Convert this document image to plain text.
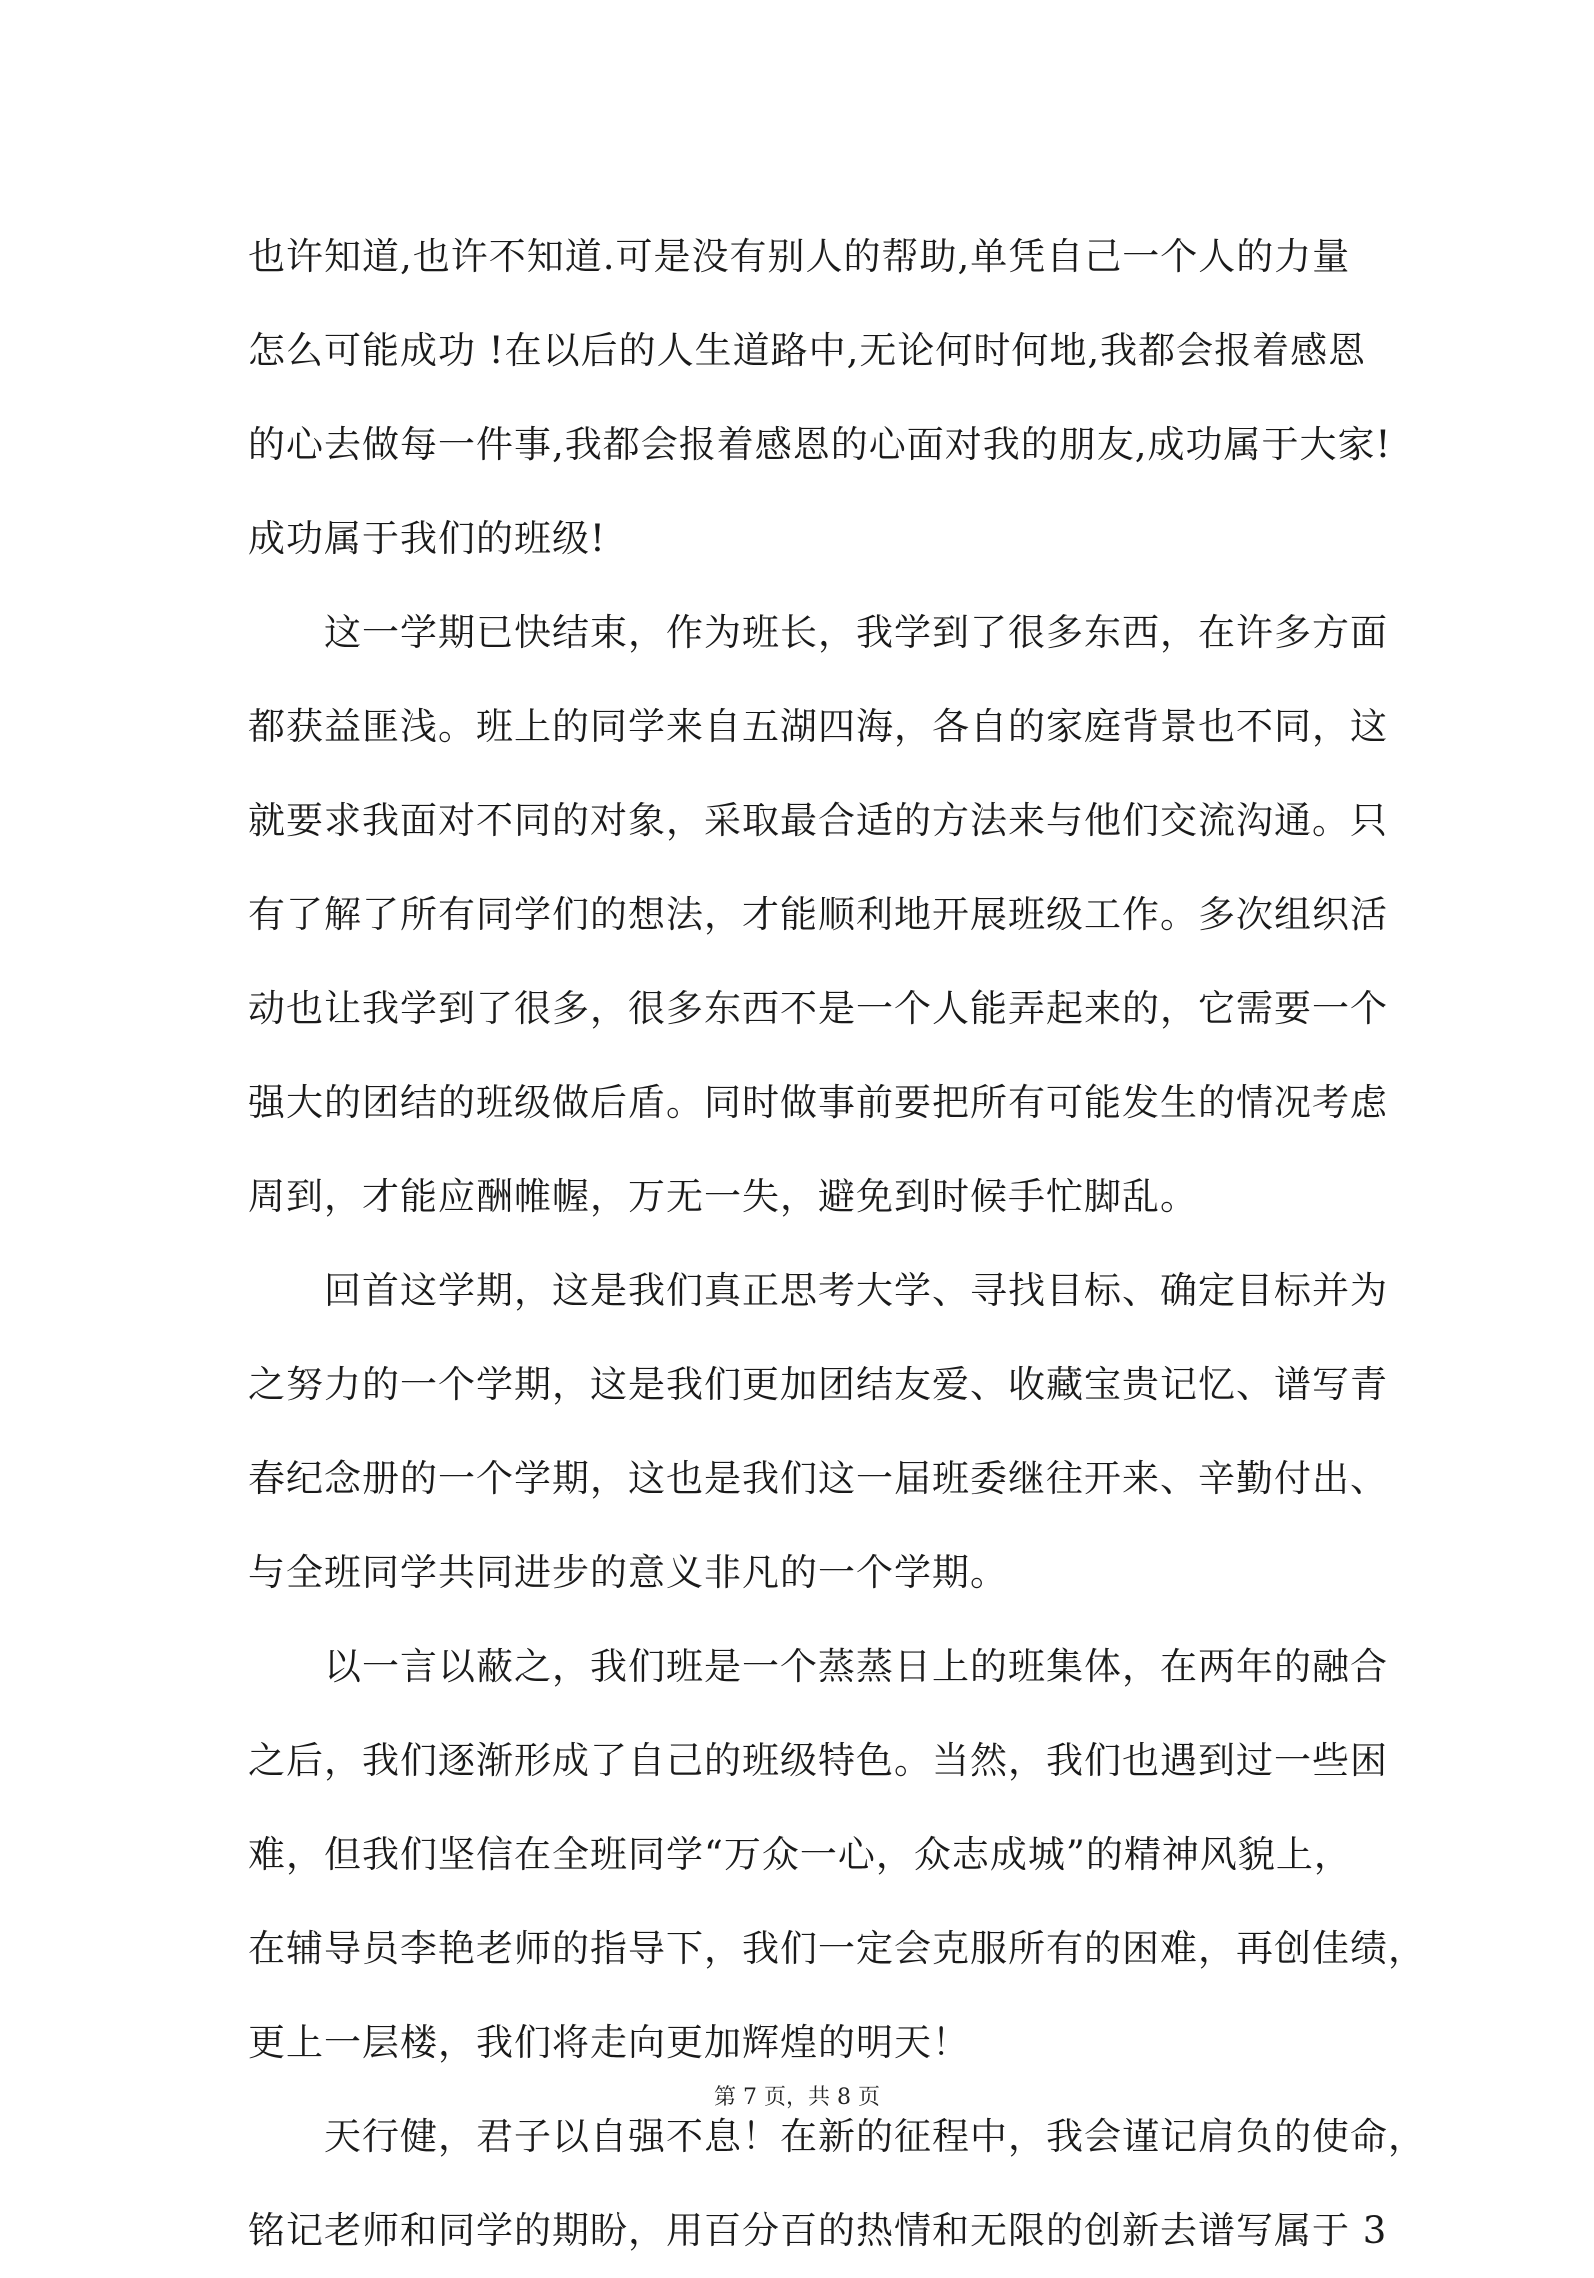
也许知道,也许不知道.可是没有别人的帮助,单凭自己一个人的力量
怎么可能成功 !在以后的人生道路中,无论何时何地,我都会报着感恩
的心去做每一件事,我都会报着感恩的心面对我的朋友,成功属于大家!
成功属于我们的班级!
这一学期已快结束，作为班长，我学到了很多东西，在许多方面
都获益匪浅。班上的同学来自五湖四海，各自的家庭背景也不同，这
就要求我面对不同的对象，采取最合适的方法来与他们交流沟通。只
有了解了所有同学们的想法，才能顺利地开展班级工作。多次组织活
动也让我学到了很多，很多东西不是一个人能弄起来的，它需要一个
强大的团结的班级做后盾。同时做事前要把所有可能发生的情况考虑
周到，才能应酬帷幄，万无一失，避免到时候手忙脚乱。
回首这学期，这是我们真正思考大学、寻找目标、确定目标并为
之努力的一个学期，这是我们更加团结友爱、收藏宝贵记忆、谱写青
春纪念册的一个学期，这也是我们这一届班委继往开来、辛勤付出、
与全班同学共同进步的意义非凡的一个学期。
以一言以蔽之，我们班是一个蒸蒸日上的班集体，在两年的融合
之后，我们逐渐形成了自己的班级特色。当然，我们也遇到过一些困
难，但我们坚信在全班同学“万众一心，众志成城”的精神风貌上，
在辅导员李艳老师的指导下，我们一定会克服所有的困难，再创佳绩，
更上一层楼，我们将走向更加辉煌的明天！
天行健，君子以自强不息！在新的征程中，我会谨记肩负的使命，
铭记老师和同学的期盼，用百分百的热情和无限的创新去谱写属于 3
第 7 页，共 8 页
